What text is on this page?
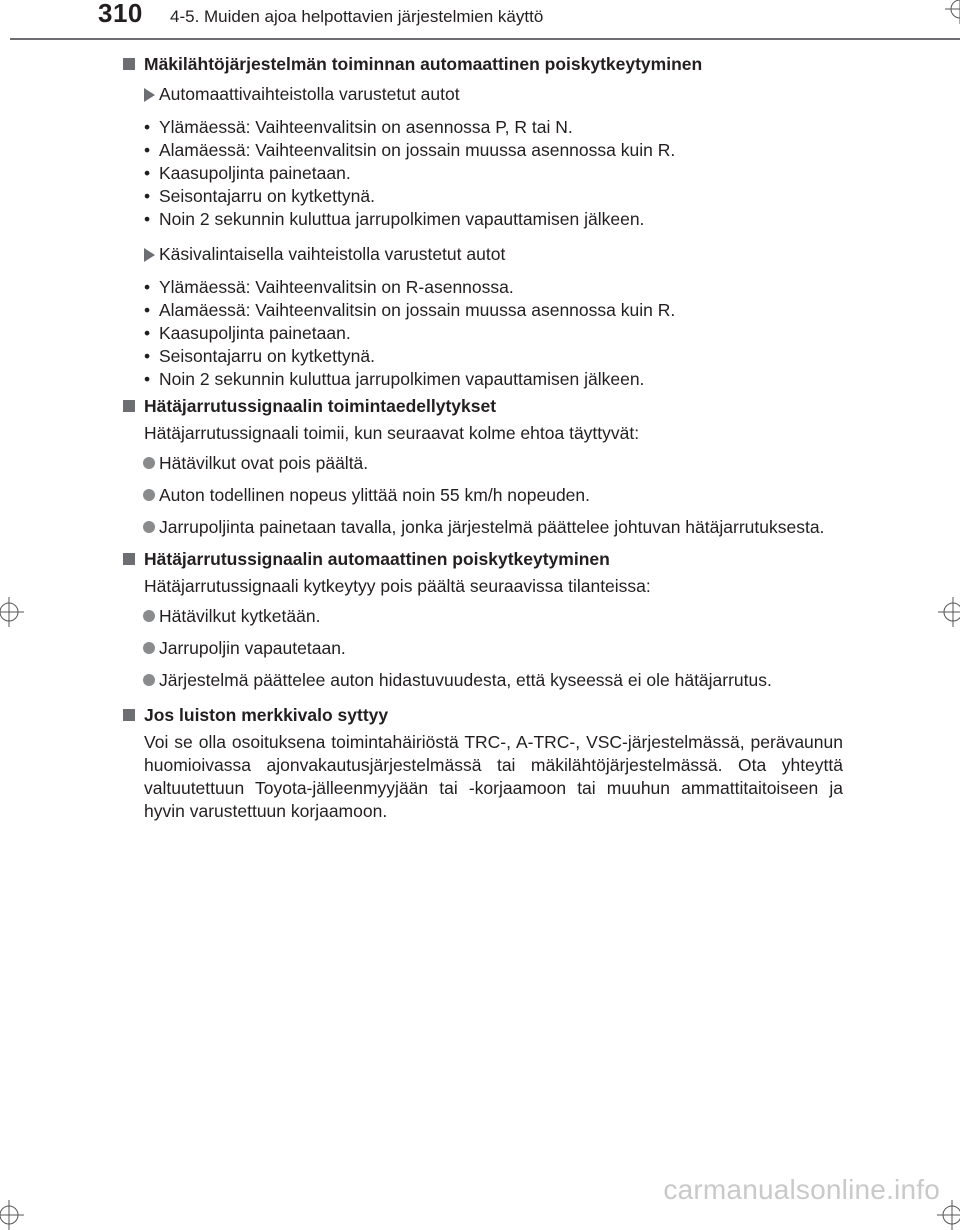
310 4-5. Muiden ajoa helpottavien järjestelmien käyttö
Mäkilähtöjärjestelmän toiminnan automaattinen poiskytkeytyminen
Automaattivaihteistolla varustetut autot
• Ylämäessä: Vaihteenvalitsin on asennossa P, R tai N.
• Alamäessä: Vaihteenvalitsin on jossain muussa asennossa kuin R.
• Kaasupoljinta painetaan.
• Seisontajarru on kytkettynä.
• Noin 2 sekunnin kuluttua jarrupolkimen vapauttamisen jälkeen.
Käsivalintaisella vaihteistolla varustetut autot
• Ylämäessä: Vaihteenvalitsin on R-asennossa.
• Alamäessä: Vaihteenvalitsin on jossain muussa asennossa kuin R.
• Kaasupoljinta painetaan.
• Seisontajarru on kytkettynä.
• Noin 2 sekunnin kuluttua jarrupolkimen vapauttamisen jälkeen.
Hätäjarrutussignaalin toimintaedellytykset
Hätäjarrutussignaali toimii, kun seuraavat kolme ehtoa täyttyvät:
Hätävilkut ovat pois päältä.
Auton todellinen nopeus ylittää noin 55 km/h nopeuden.
Jarrupoljinta painetaan tavalla, jonka järjestelmä päättelee johtuvan hätäjarrutuksesta.
Hätäjarrutussignaalin automaattinen poiskytkeytyminen
Hätäjarrutussignaali kytkeytyy pois päältä seuraavissa tilanteissa:
Hätävilkut kytketään.
Jarrupoljin vapautetaan.
Järjestelmä päättelee auton hidastuvuudesta, että kyseessä ei ole hätäjarrutus.
Jos luiston merkkivalo syttyy
Voi se olla osoituksena toimintahäiriöstä TRC-, A-TRC-, VSC-järjestelmässä, perävaunun huomioivassa ajonvakautusjärjestelmässä tai mäkilähtöjärjestelmässä. Ota yhteyttä valtuutettuun Toyota-jälleenmyyjään tai -korjaamoon tai muuhun ammattitaitoiseen ja hyvin varustettuun korjaamoon.
carmanualsonline.info
